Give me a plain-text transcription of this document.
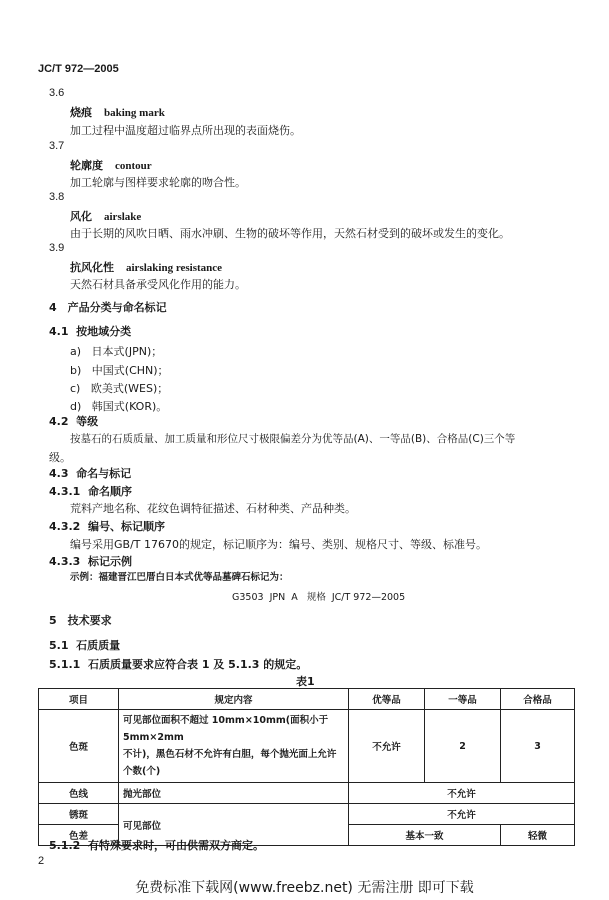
JC/T 972—2005
3.6
烧痕 baking mark
加工过程中温度超过临界点所出现的表面烧伤。
3.7
轮廓度 contour
加工轮廓与图样要求轮廓的吻合性。
3.8
风化 airslake
由于长期的风吹日晒、雨水冲刷、生物的破坏等作用，天然石材受到的破坏或发生的变化。
3.9
抗风化性 airslaking resistance
天然石材具备承受风化作用的能力。
4　产品分类与命名标记
4.1 按地域分类
a) 日本式(JPN)；
b) 中国式(CHN)；
c) 欧美式(WES)；
d) 韩国式(KOR)。
4.2 等级
按墓石的石质质量、加工质量和形位尺寸极限偏差分为优等品(A)、一等品(B)、合格品(C)三个等
级。
4.3 命名与标记
4.3.1 命名顺序
荒料产地名称、花纹色调特征描述、石材种类、产品种类。
4.3.2 编号、标记顺序
编号采用GB/T 17670的规定，标记顺序为：编号、类别、规格尺寸、等级、标准号。
4.3.3 标记示例
示例：福建晋江巴厝白日本式优等品墓碑石标记为：
G3503  JPN  A   规格  JC/T 972—2005
5　技术要求
5.1 石质质量
5.1.1 石质质量要求应符合表 1 及 5.1.3 的规定。
表1
项目	规定内容	优等品	一等品	合格品
色斑	可见部位面积不超过 10mm×10mm(面积小于 5mm×2mm
不计)，黑色石材不允许有白胆，每个抛光面上允许
个数(个)	不允许	2	3
色线	抛光部位	不允许		
锈斑	可见部位	不允许		
色差		基本一致		轻微
5.1.2 有特殊要求时，可由供需双方商定。
2
免费标准下载网(www.freebz.net) 无需注册 即可下载
